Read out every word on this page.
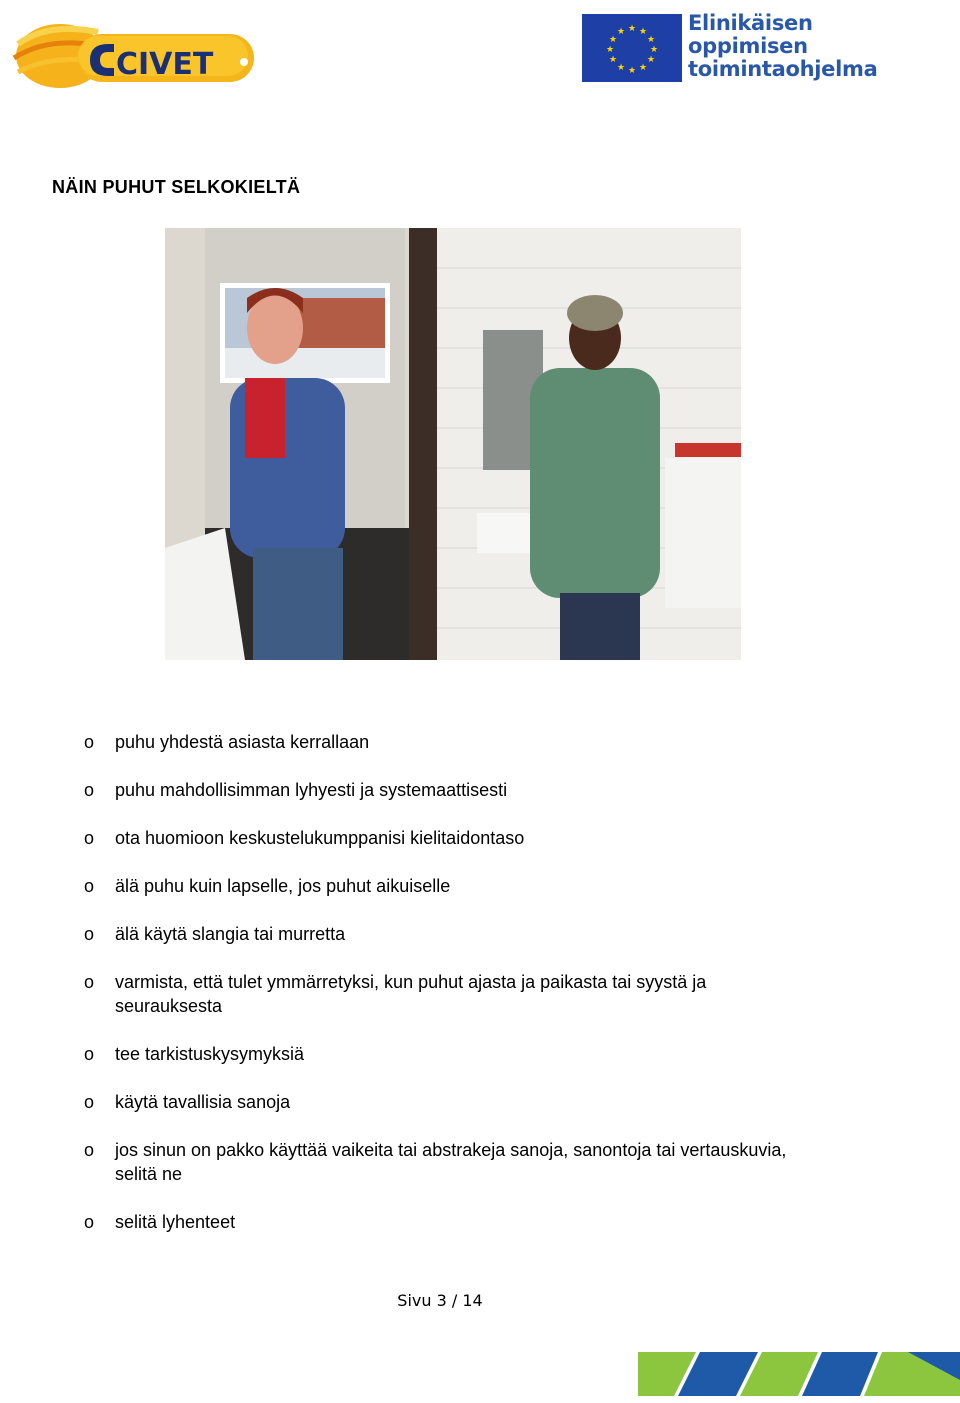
CIVET
★ ★
★
★
★
★
★
★
★
★
★
★	Elinikäisen
oppimisen
toimintaohjelma
NÄIN PUHUT SELKOKIELTÄ
o puhu yhdestä asiasta kerrallaan
o puhu mahdollisimman lyhyesti ja systemaattisesti
o ota huomioon keskustelukumppanisi kielitaidontaso
o älä puhu kuin lapselle, jos puhut aikuiselle
o älä käytä slangia tai murretta
o varmista, että tulet ymmärretyksi, kun puhut ajasta ja paikasta tai syystä ja seurauksesta
o tee tarkistuskysymyksiä
o käytä tavallisia sanoja
o jos sinun on pakko käyttää vaikeita tai abstrakeja sanoja, sanontoja tai vertauskuvia, selitä ne
o selitä lyhenteet
Sivu 3 / 14
